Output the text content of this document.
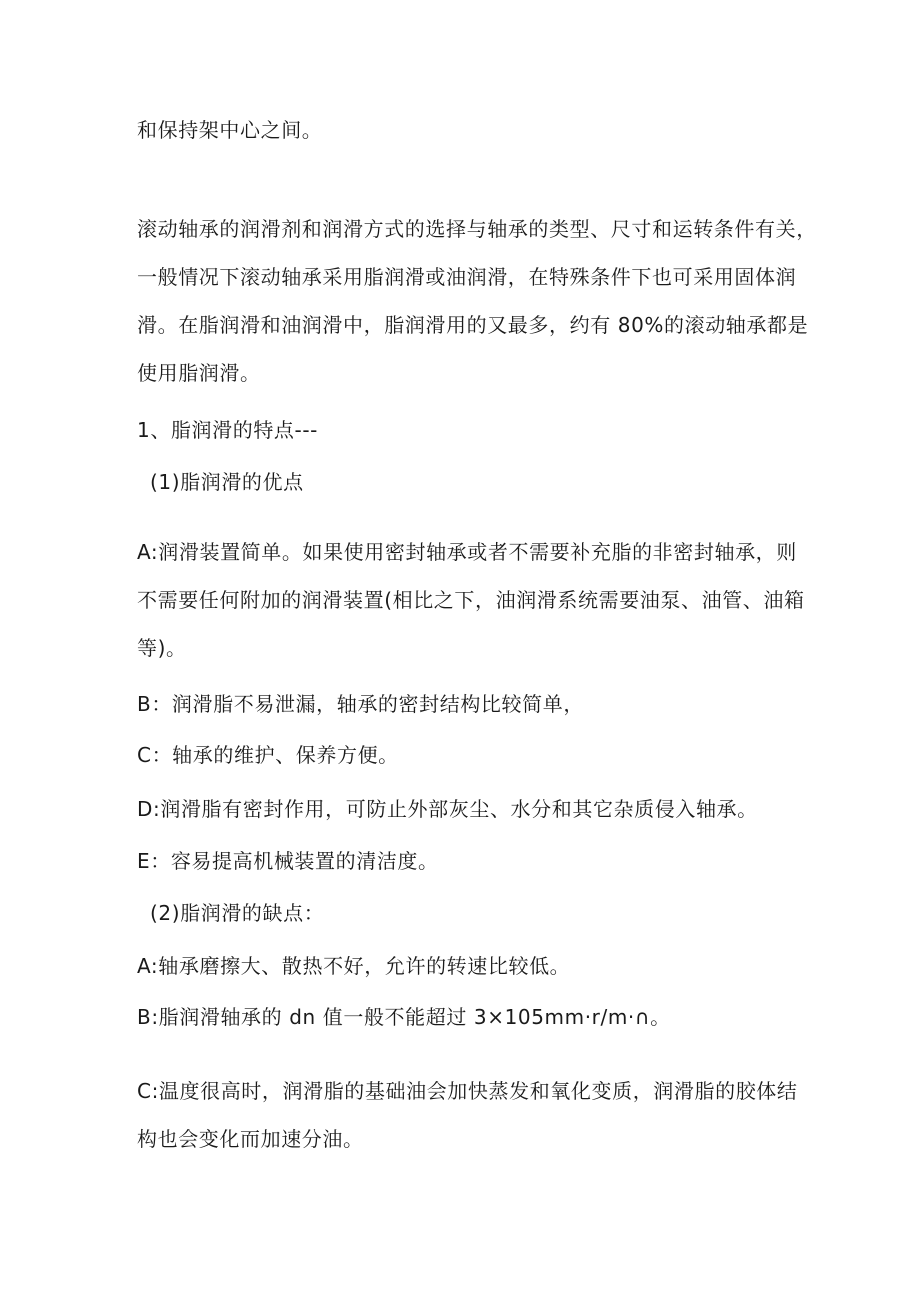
和保持架中心之间。
滚动轴承的润滑剂和润滑方式的选择与轴承的类型、尺寸和运转条件有关，
一般情况下滚动轴承采用脂润滑或油润滑，在特殊条件下也可采用固体润
滑。在脂润滑和油润滑中，脂润滑用的又最多，约有 80%的滚动轴承都是
使用脂润滑。
1、脂润滑的特点---
(1)脂润滑的优点
A:润滑装置简单。如果使用密封轴承或者不需要补充脂的非密封轴承，则
不需要任何附加的润滑装置(相比之下，油润滑系统需要油泵、油管、油箱
等)。
B：润滑脂不易泄漏，轴承的密封结构比较简单，
C：轴承的维护、保养方便。
D:润滑脂有密封作用，可防止外部灰尘、水分和其它杂质侵入轴承。
E：容易提高机械装置的清洁度。
(2)脂润滑的缺点：
A:轴承磨擦大、散热不好，允许的转速比较低。
B:脂润滑轴承的 dn 值一般不能超过 3×105mm·r/m·∩。
C:温度很高时，润滑脂的基础油会加快蒸发和氧化变质，润滑脂的胶体结
构也会变化而加速分油。
